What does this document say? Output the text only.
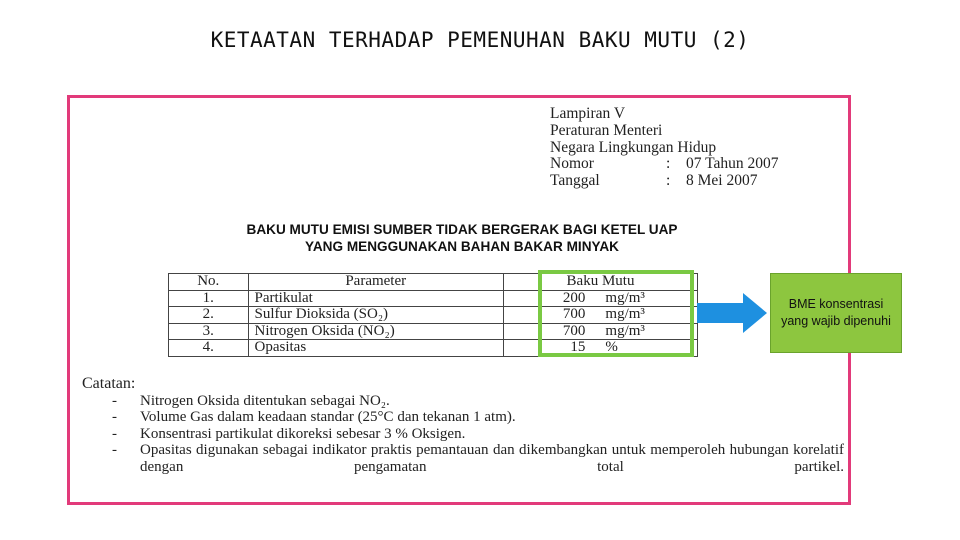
KETAATAN TERHADAP PEMENUHAN BAKU MUTU (2)
Lampiran V
Peraturan Menteri
Negara Lingkungan Hidup
Nomor	:	07 Tahun 2007
Tanggal	:	8 Mei 2007
BAKU MUTU EMISI SUMBER TIDAK BERGERAK BAGI KETEL UAP
YANG MENGGUNAKAN BAHAN BAKAR MINYAK
No.	Parameter	Baku Mutu	
1.	Partikulat	200	mg/m³
2.	Sulfur Dioksida (SO₂)	700	mg/m³
3.	Nitrogen Oksida (NO₂)	700	mg/m³
4.	Opasitas	15	%
Catatan:
-	Nitrogen Oksida ditentukan sebagai NO₂.
-	Volume Gas dalam keadaan standar (25°C dan tekanan 1 atm).
-	Konsentrasi partikulat dikoreksi sebesar 3 % Oksigen.
-	Opasitas digunakan sebagai indikator praktis pemantauan dan dikembangkan untuk memperoleh hubungan korelatif dengan pengamatan total partikel.
BME konsentrasi yang wajib dipenuhi
